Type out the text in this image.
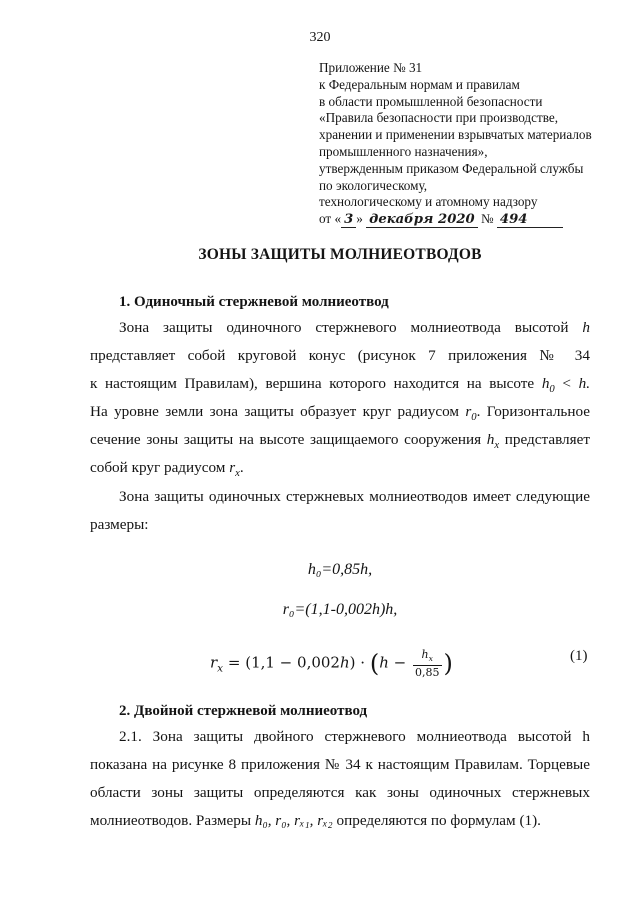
320
Приложение № 31
к Федеральным нормам и правилам
в области промышленной безопасности
«Правила безопасности при производстве,
хранении и применении взрывчатых материалов
промышленного назначения»,
утвержденным приказом Федеральной службы
по экологическому,
технологическому и атомному надзору
от « 3 » декабря 2020 № 494
ЗОНЫ ЗАЩИТЫ МОЛНИЕОТВОДОВ
1. Одиночный стержневой молниеотвод
Зона защиты одиночного стержневого молниеотвода высотой h
представляет собой круговой конус (рисунок 7 приложения № 34
к настоящим Правилам), вершина которого находится на высоте $h_0 < h$.
На уровне земли зона защиты образует круг радиусом $r_0$. Горизонтальное
сечение зоны защиты на высоте защищаемого сооружения $h_x$ представляет
собой круг радиусом $r_x$.
Зона защиты одиночных стержневых молниеотводов имеет следующие
размеры:
h₀=0,85h,
r₀=(1,1-0,002h)h,
$r_x = (1,1 - 0,002h) \cdot (h - \frac{h_x}{0,85}$ )	(1)
2. Двойной стержневой молниеотвод
2.1. Зона защиты двойного стержневого молниеотвода высотой h
показана на рисунке 8 приложения № 34 к настоящим Правилам. Торцевые
области зоны защиты определяются как зоны одиночных стержневых
молниеотводов. Размеры h₀, r₀, rₓ₁, rₓ₂ определяются по формулам (1).
